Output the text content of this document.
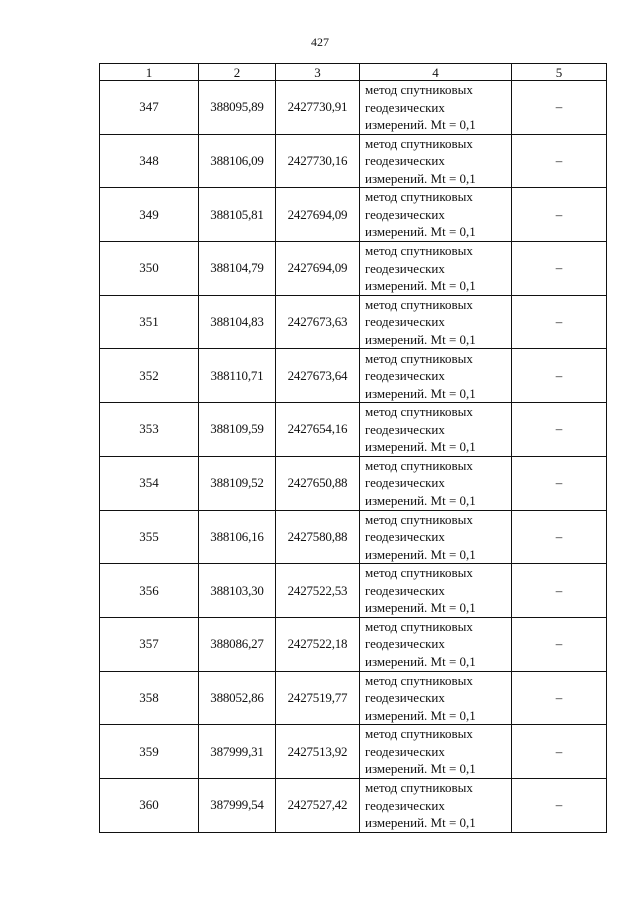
427
1	2	3	4	5
347	388095,89	2427730,91	метод спутниковых
геодезических
измерений. Mt = 0,1	–
348	388106,09	2427730,16	метод спутниковых
геодезических
измерений. Mt = 0,1	–
349	388105,81	2427694,09	метод спутниковых
геодезических
измерений. Mt = 0,1	–
350	388104,79	2427694,09	метод спутниковых
геодезических
измерений. Mt = 0,1	–
351	388104,83	2427673,63	метод спутниковых
геодезических
измерений. Mt = 0,1	–
352	388110,71	2427673,64	метод спутниковых
геодезических
измерений. Mt = 0,1	–
353	388109,59	2427654,16	метод спутниковых
геодезических
измерений. Mt = 0,1	–
354	388109,52	2427650,88	метод спутниковых
геодезических
измерений. Mt = 0,1	–
355	388106,16	2427580,88	метод спутниковых
геодезических
измерений. Mt = 0,1	–
356	388103,30	2427522,53	метод спутниковых
геодезических
измерений. Mt = 0,1	–
357	388086,27	2427522,18	метод спутниковых
геодезических
измерений. Mt = 0,1	–
358	388052,86	2427519,77	метод спутниковых
геодезических
измерений. Mt = 0,1	–
359	387999,31	2427513,92	метод спутниковых
геодезических
измерений. Mt = 0,1	–
360	387999,54	2427527,42	метод спутниковых
геодезических
измерений. Mt = 0,1	–
